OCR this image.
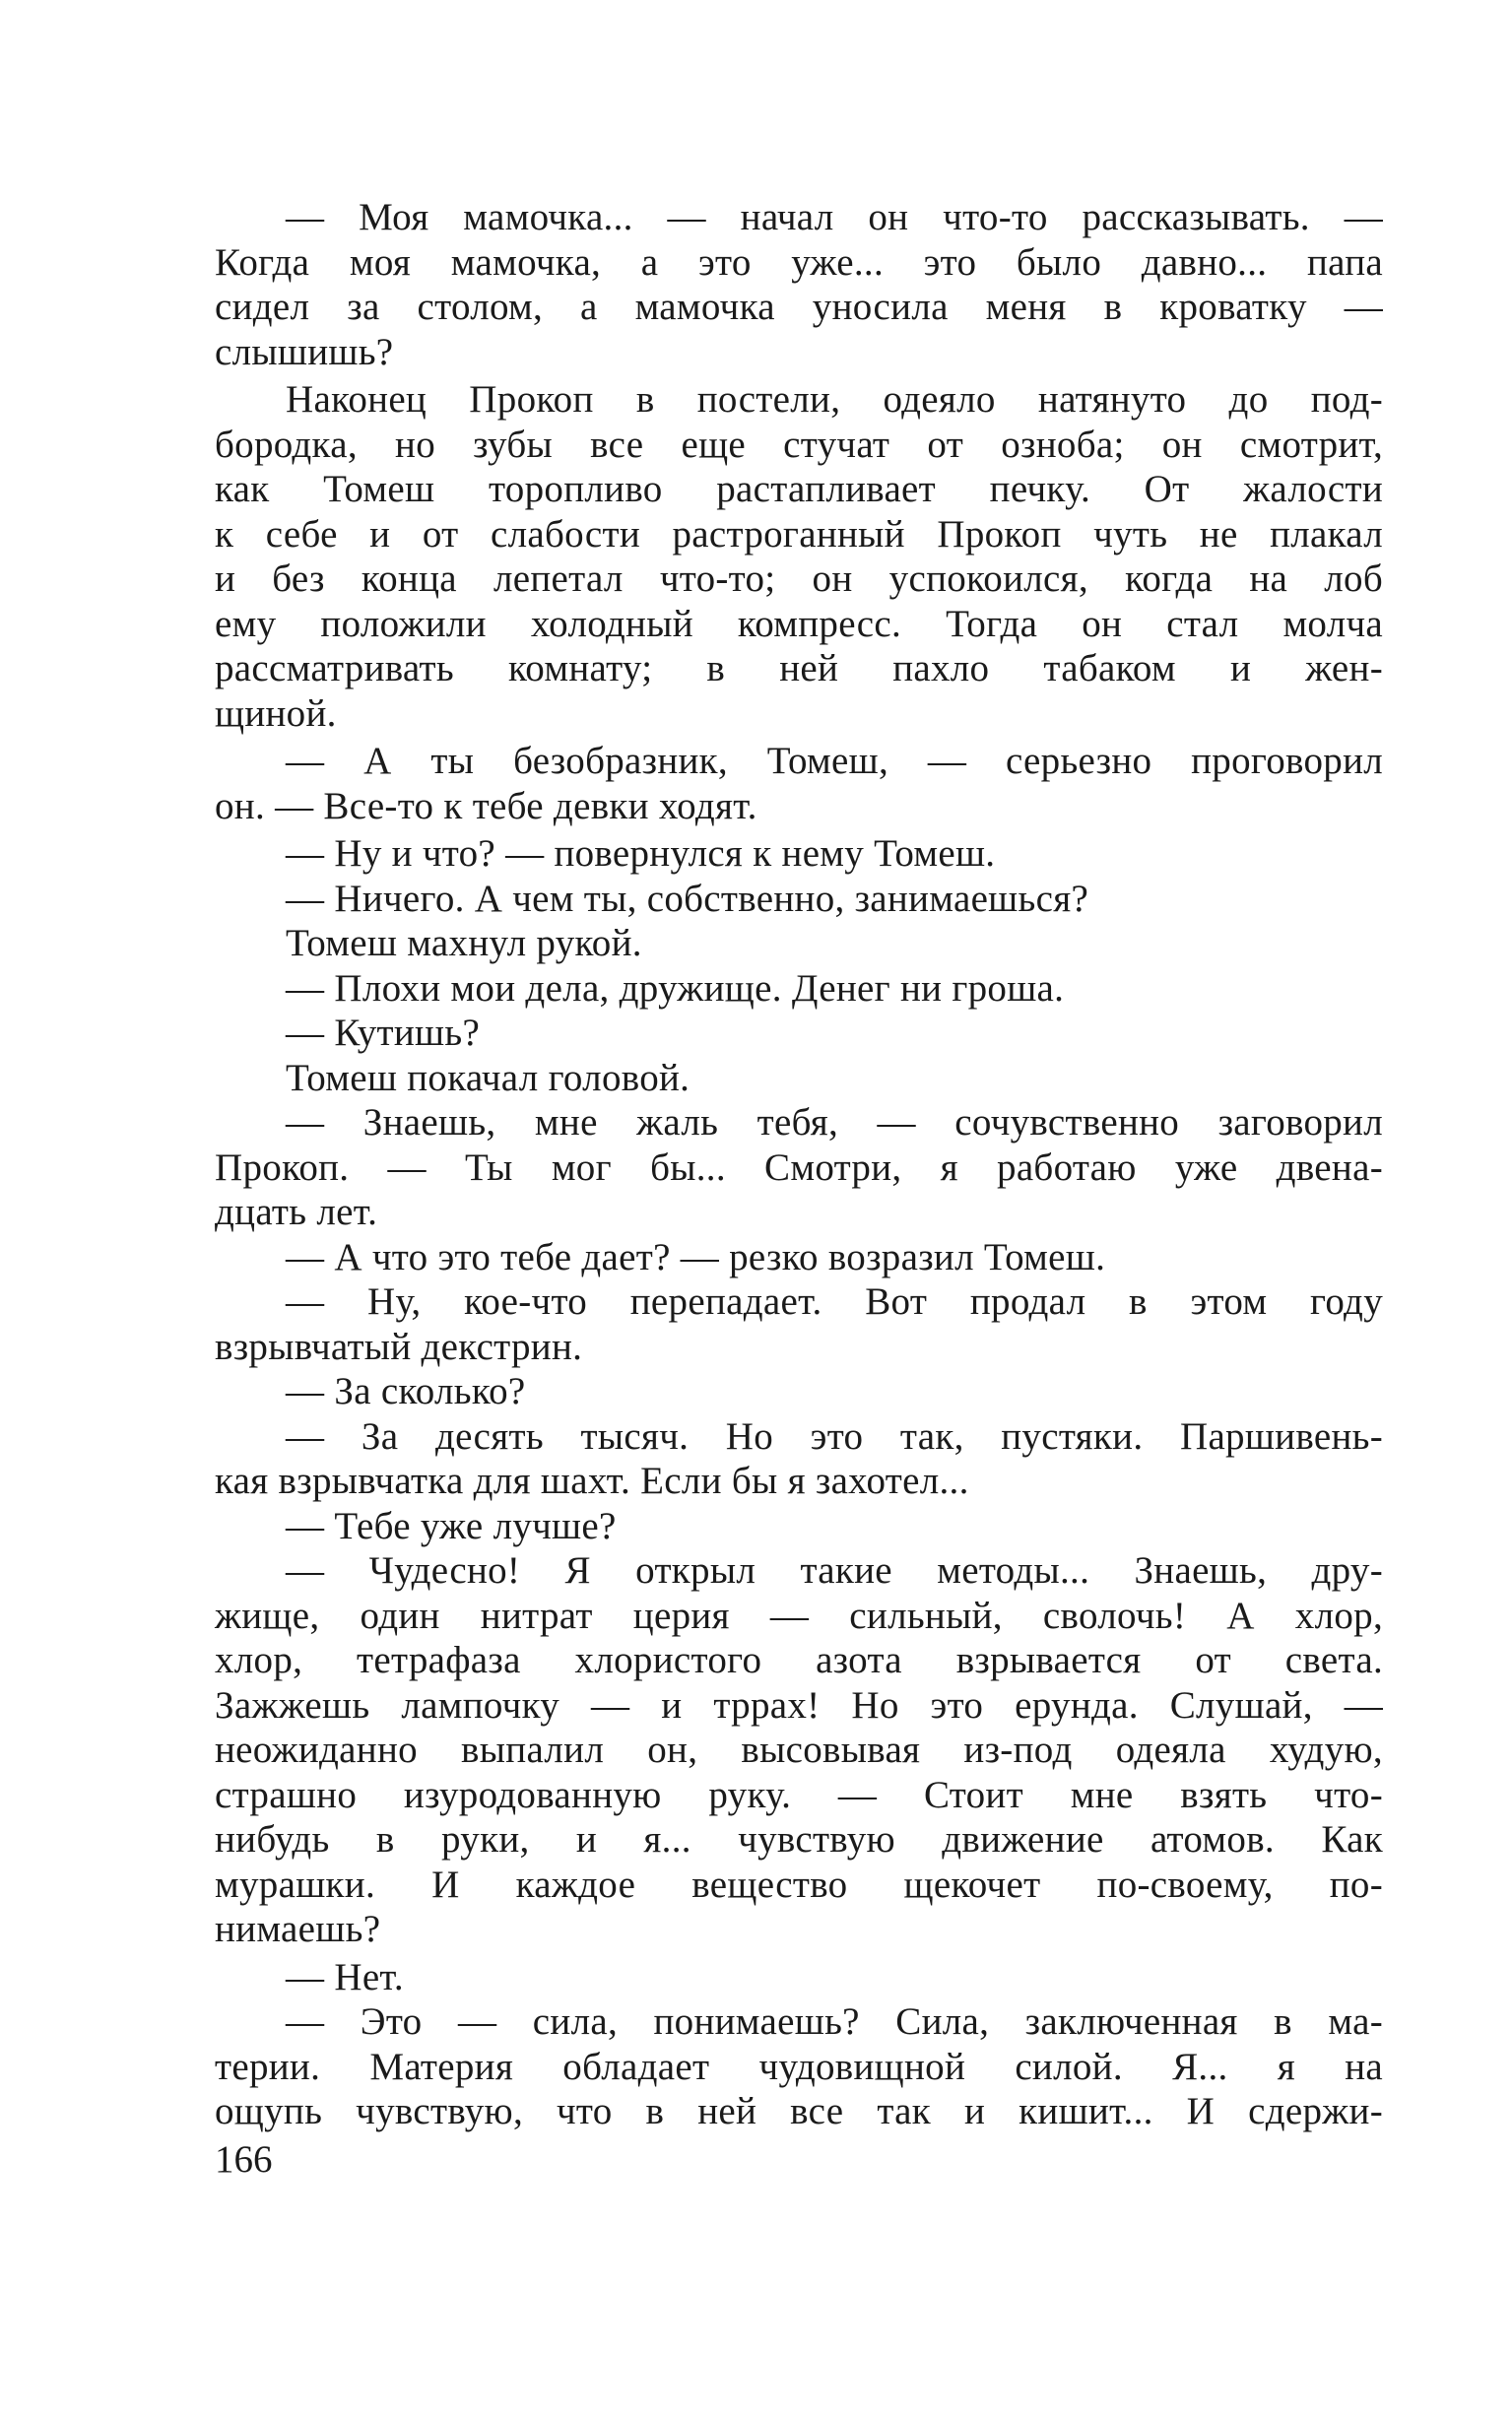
— Моя мамочка... — начал он что-то рассказывать. —
Когда моя мамочка, а это уже... это было давно... папа
сидел за столом, а мамочка уносила меня в кроватку —
слышишь?
Наконец Прокоп в постели, одеяло натянуто до под-
бородка, но зубы все еще стучат от озноба; он смотрит,
как Томеш торопливо растапливает печку. От жалости
к себе и от слабости растроганный Прокоп чуть не плакал
и без конца лепетал что-то; он успокоился, когда на лоб
ему положили холодный компресс. Тогда он стал молча
рассматривать комнату; в ней пахло табаком и жен-
щиной.
— А ты безобразник, Томеш, — серьезно проговорил
он. — Все-то к тебе девки ходят.
— Ну и что? — повернулся к нему Томеш.
— Ничего. А чем ты, собственно, занимаешься?
Томеш махнул рукой.
— Плохи мои дела, дружище. Денег ни гроша.
— Кутишь?
Томеш покачал головой.
— Знаешь, мне жаль тебя, — сочувственно заговорил
Прокоп. — Ты мог бы... Смотри, я работаю уже двена-
дцать лет.
— А что это тебе дает? — резко возразил Томеш.
— Ну, кое-что перепадает. Вот продал в этом году
взрывчатый декстрин.
— За сколько?
— За десять тысяч. Но это так, пустяки. Паршивень-
кая взрывчатка для шахт. Если бы я захотел...
— Тебе уже лучше?
— Чудесно! Я открыл такие методы... Знаешь, дру-
жище, один нитрат церия — сильный, сволочь! А хлор,
хлор, тетрафаза хлористого азота взрывается от света.
Зажжешь лампочку — и тррах! Но это ерунда. Слушай, —
неожиданно выпалил он, высовывая из-под одеяла худую,
страшно изуродованную руку. — Стоит мне взять что-
нибудь в руки, и я... чувствую движение атомов. Как
мурашки. И каждое вещество щекочет по-своему, по-
нимаешь?
— Нет.
— Это — сила, понимаешь? Сила, заключенная в ма-
терии. Материя обладает чудовищной силой. Я... я на
ощупь чувствую, что в ней все так и кишит... И сдержи-
166
